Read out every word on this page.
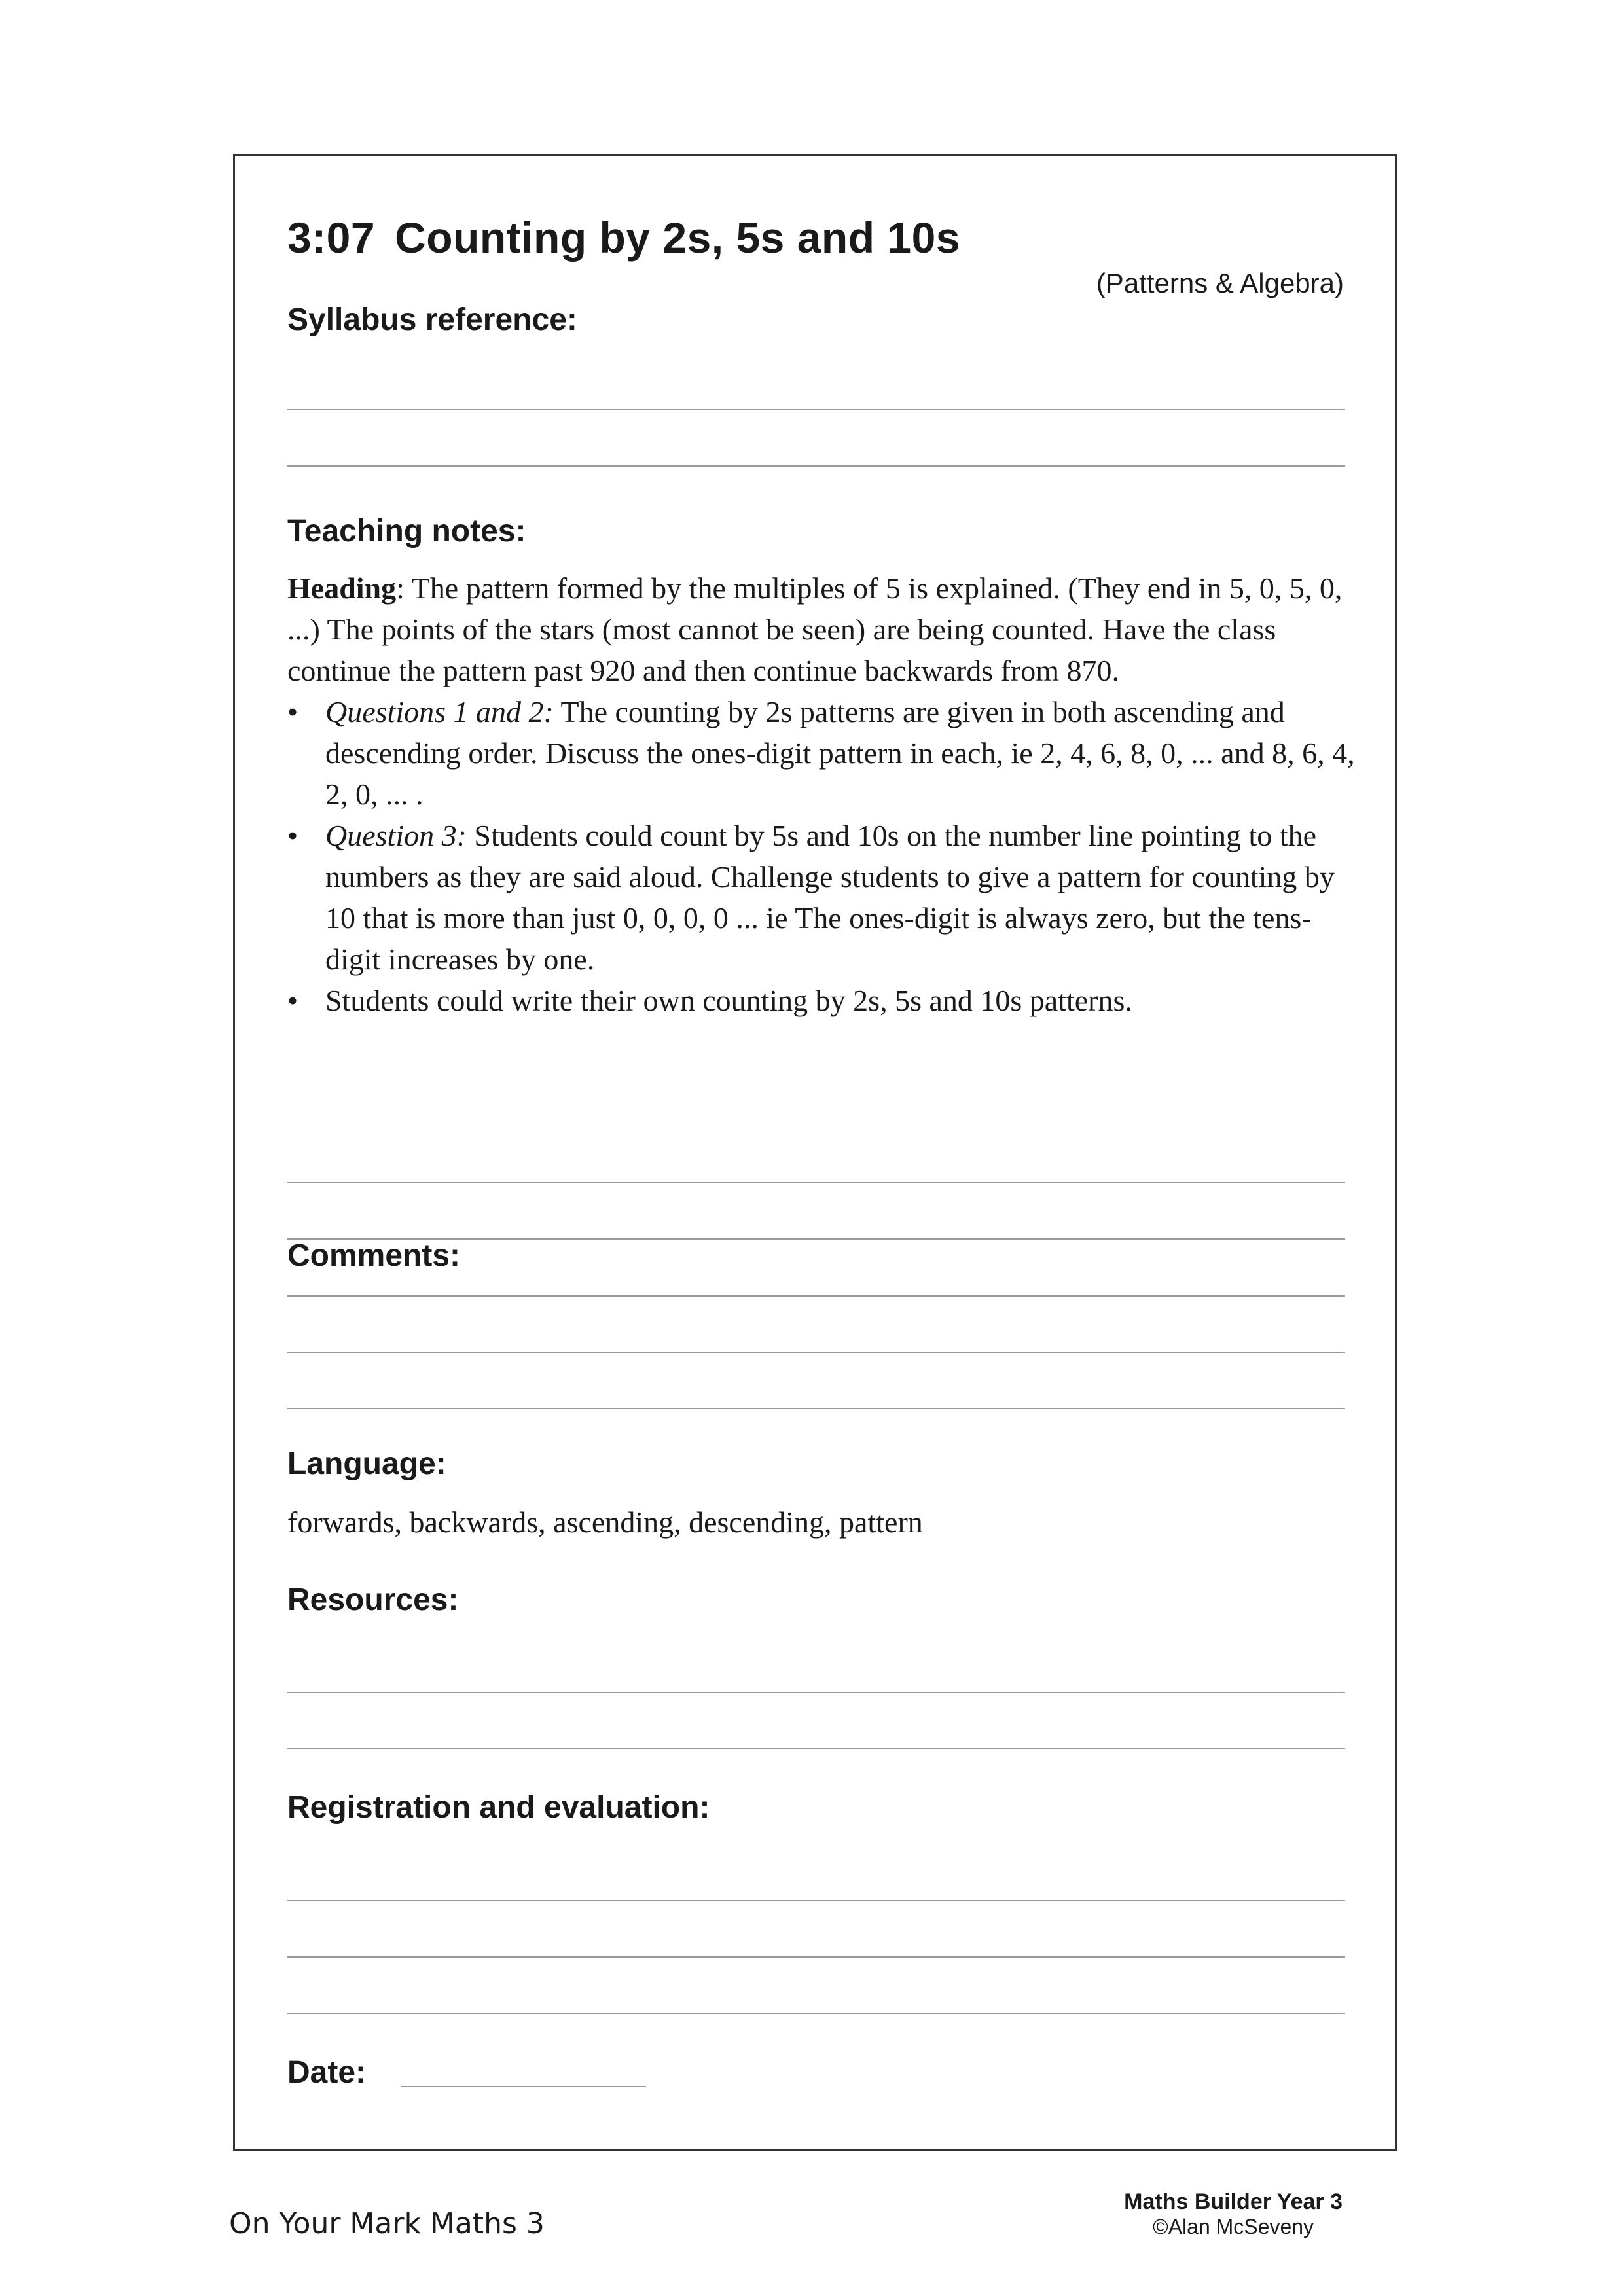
3:07 Counting by 2s, 5s and 10s

(Patterns & Algebra)

Syllabus reference:
Teaching notes:

Heading: The pattern formed by the multiples of 5 is explained. (They end in 5, 0, 5, 0, ...) The points of the stars (most cannot be seen) are being counted. Have the class continue the pattern past 920 and then continue backwards from 870.

• Questions 1 and 2: The counting by 2s patterns are given in both ascending and descending order. Discuss the ones-digit pattern in each, ie 2, 4, 6, 8, 0, ... and 8, 6, 4, 2, 0, ... .
• Question 3: Students could count by 5s and 10s on the number line pointing to the numbers as they are said aloud. Challenge students to give a pattern for counting by 10 that is more than just 0, 0, 0, 0 ... ie The ones-digit is always zero, but the tens-digit increases by one.
• Students could write their own counting by 2s, 5s and 10s patterns.
Comments:
Language:

forwards, backwards, ascending, descending, pattern

Resources:
Registration and evaluation:
Date:
On Your Mark Maths 3
Maths Builder Year 3
©Alan McSeveny
